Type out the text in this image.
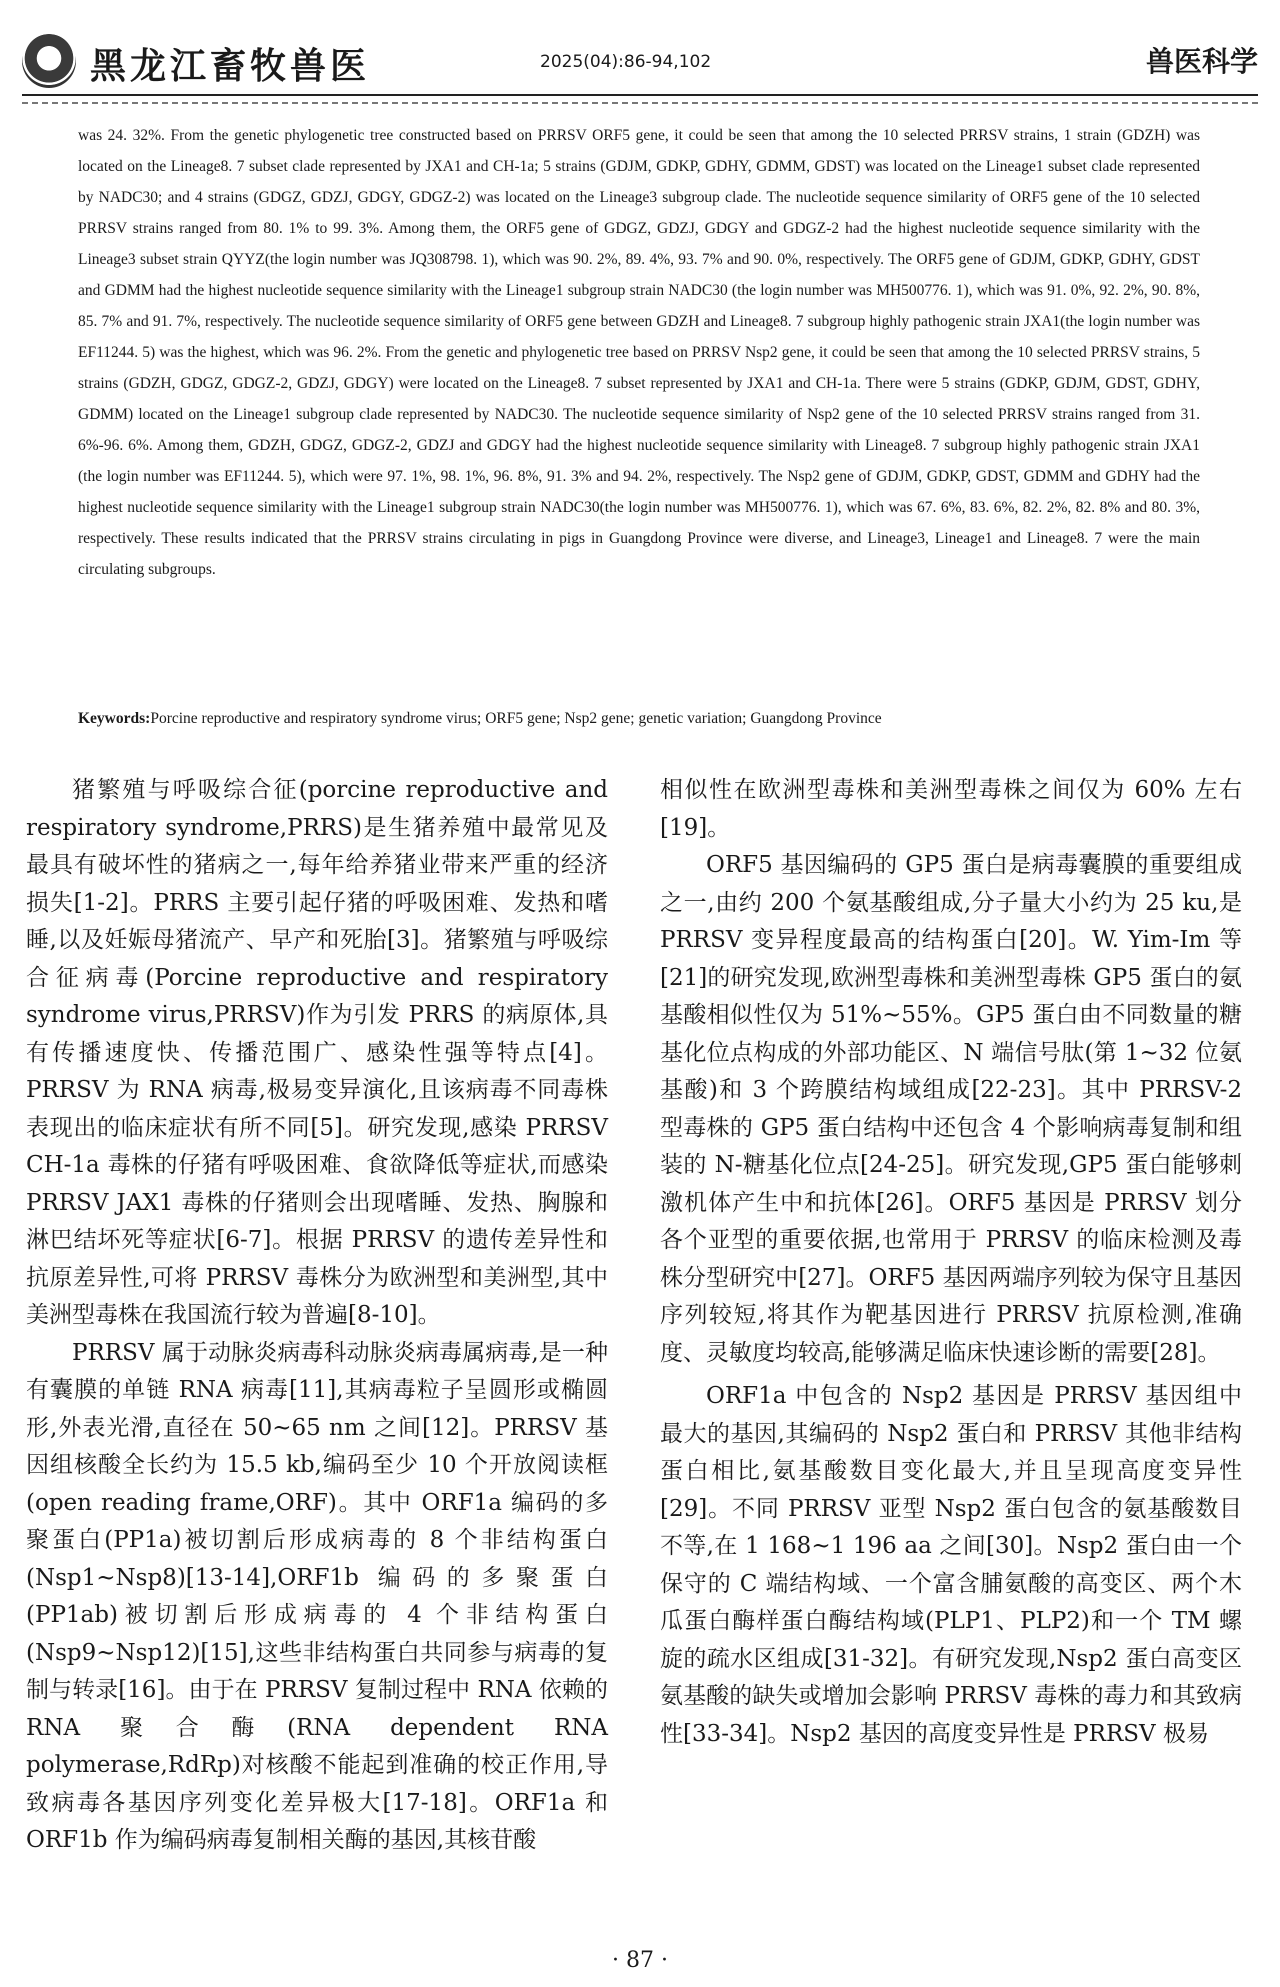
黑龙江畜牧兽医	2025(04):86-94,102	兽医科学
was 24. 32%. From the genetic phylogenetic tree constructed based on PRRSV ORF5 gene, it could be seen that among the 10 selected PRRSV strains, 1 strain (GDZH) was located on the Lineage8. 7 subset clade represented by JXA1 and CH-1a; 5 strains (GDJM, GDKP, GDHY, GDMM, GDST) was located on the Lineage1 subset clade represented by NADC30; and 4 strains (GDGZ, GDZJ, GDGY, GDGZ-2) was located on the Lineage3 subgroup clade. The nucleotide sequence similarity of ORF5 gene of the 10 selected PRRSV strains ranged from 80. 1% to 99. 3%. Among them, the ORF5 gene of GDGZ, GDZJ, GDGY and GDGZ-2 had the highest nucleotide sequence similarity with the Lineage3 subset strain QYYZ(the login number was JQ308798. 1), which was 90. 2%, 89. 4%, 93. 7% and 90. 0%, respectively. The ORF5 gene of GDJM, GDKP, GDHY, GDST and GDMM had the highest nucleotide sequence similarity with the Lineage1 subgroup strain NADC30 (the login number was MH500776. 1), which was 91. 0%, 92. 2%, 90. 8%, 85. 7% and 91. 7%, respectively. The nucleotide sequence similarity of ORF5 gene between GDZH and Lineage8. 7 subgroup highly pathogenic strain JXA1(the login number was EF11244. 5) was the highest, which was 96. 2%. From the genetic and phylogenetic tree based on PRRSV Nsp2 gene, it could be seen that among the 10 selected PRRSV strains, 5 strains (GDZH, GDGZ, GDGZ-2, GDZJ, GDGY) were located on the Lineage8. 7 subset represented by JXA1 and CH-1a. There were 5 strains (GDKP, GDJM, GDST, GDHY, GDMM) located on the Lineage1 subgroup clade represented by NADC30. The nucleotide sequence similarity of Nsp2 gene of the 10 selected PRRSV strains ranged from 31. 6%-96. 6%. Among them, GDZH, GDGZ, GDGZ-2, GDZJ and GDGY had the highest nucleotide sequence similarity with Lineage8. 7 subgroup highly pathogenic strain JXA1 (the login number was EF11244. 5), which were 97. 1%, 98. 1%, 96. 8%, 91. 3% and 94. 2%, respectively. The Nsp2 gene of GDJM, GDKP, GDST, GDMM and GDHY had the highest nucleotide sequence similarity with the Lineage1 subgroup strain NADC30(the login number was MH500776. 1), which was 67. 6%, 83. 6%, 82. 2%, 82. 8% and 80. 3%, respectively. These results indicated that the PRRSV strains circulating in pigs in Guangdong Province were diverse, and Lineage3, Lineage1 and Lineage8. 7 were the main circulating subgroups.
Keywords:Porcine reproductive and respiratory syndrome virus; ORF5 gene; Nsp2 gene; genetic variation; Guangdong Province

猪繁殖与呼吸综合征(porcine reproductive and respiratory syndrome,PRRS)是生猪养殖中最常见及最具有破坏性的猪病之一,每年给养猪业带来严重的经济损失[1-2]。PRRS 主要引起仔猪的呼吸困难、发热和嗜睡,以及妊娠母猪流产、早产和死胎[3]。猪繁殖与呼吸综合征病毒(Porcine reproductive and respiratory syndrome virus,PRRSV)作为引发 PRRS 的病原体,具有传播速度快、传播范围广、感染性强等特点[4]。PRRSV 为 RNA 病毒,极易变异演化,且该病毒不同毒株表现出的临床症状有所不同[5]。研究发现,感染 PRRSV CH-1a 毒株的仔猪有呼吸困难、食欲降低等症状,而感染 PRRSV JAX1 毒株的仔猪则会出现嗜睡、发热、胸腺和淋巴结坏死等症状[6-7]。根据 PRRSV 的遗传差异性和抗原差异性,可将 PRRSV 毒株分为欧洲型和美洲型,其中美洲型毒株在我国流行较为普遍[8-10]。

PRRSV 属于动脉炎病毒科动脉炎病毒属病毒,是一种有囊膜的单链 RNA 病毒[11],其病毒粒子呈圆形或椭圆形,外表光滑,直径在 50~65 nm 之间[12]。PRRSV 基因组核酸全长约为 15.5 kb,编码至少 10 个开放阅读框(open reading frame,ORF)。其中 ORF1a 编码的多聚蛋白(PP1a)被切割后形成病毒的 8 个非结构蛋白(Nsp1~Nsp8)[13-14],ORF1b 编码的多聚蛋白(PP1ab)被切割后形成病毒的 4 个非结构蛋白(Nsp9~Nsp12)[15],这些非结构蛋白共同参与病毒的复制与转录[16]。由于在 PRRSV 复制过程中 RNA 依赖的 RNA 聚合酶(RNA dependent RNA polymerase,RdRp)对核酸不能起到准确的校正作用,导致病毒各基因序列变化差异极大[17-18]。ORF1a 和 ORF1b 作为编码病毒复制相关酶的基因,其核苷酸

相似性在欧洲型毒株和美洲型毒株之间仅为 60% 左右[19]。

ORF5 基因编码的 GP5 蛋白是病毒囊膜的重要组成之一,由约 200 个氨基酸组成,分子量大小约为 25 ku,是 PRRSV 变异程度最高的结构蛋白[20]。W. Yim-Im 等[21]的研究发现,欧洲型毒株和美洲型毒株 GP5 蛋白的氨基酸相似性仅为 51%~55%。GP5 蛋白由不同数量的糖基化位点构成的外部功能区、N 端信号肽(第 1~32 位氨基酸)和 3 个跨膜结构域组成[22-23]。其中 PRRSV-2 型毒株的 GP5 蛋白结构中还包含 4 个影响病毒复制和组装的 N-糖基化位点[24-25]。研究发现,GP5 蛋白能够刺激机体产生中和抗体[26]。ORF5 基因是 PRRSV 划分各个亚型的重要依据,也常用于 PRRSV 的临床检测及毒株分型研究中[27]。ORF5 基因两端序列较为保守且基因序列较短,将其作为靶基因进行 PRRSV 抗原检测,准确度、灵敏度均较高,能够满足临床快速诊断的需要[28]。

ORF1a 中包含的 Nsp2 基因是 PRRSV 基因组中最大的基因,其编码的 Nsp2 蛋白和 PRRSV 其他非结构蛋白相比,氨基酸数目变化最大,并且呈现高度变异性[29]。不同 PRRSV 亚型 Nsp2 蛋白包含的氨基酸数目不等,在 1 168~1 196 aa 之间[30]。Nsp2 蛋白由一个保守的 C 端结构域、一个富含脯氨酸的高变区、两个木瓜蛋白酶样蛋白酶结构域(PLP1、PLP2)和一个 TM 螺旋的疏水区组成[31-32]。有研究发现,Nsp2 蛋白高变区氨基酸的缺失或增加会影响 PRRSV 毒株的毒力和其致病性[33-34]。Nsp2 基因的高度变异性是 PRRSV 极易

· 87 ·
